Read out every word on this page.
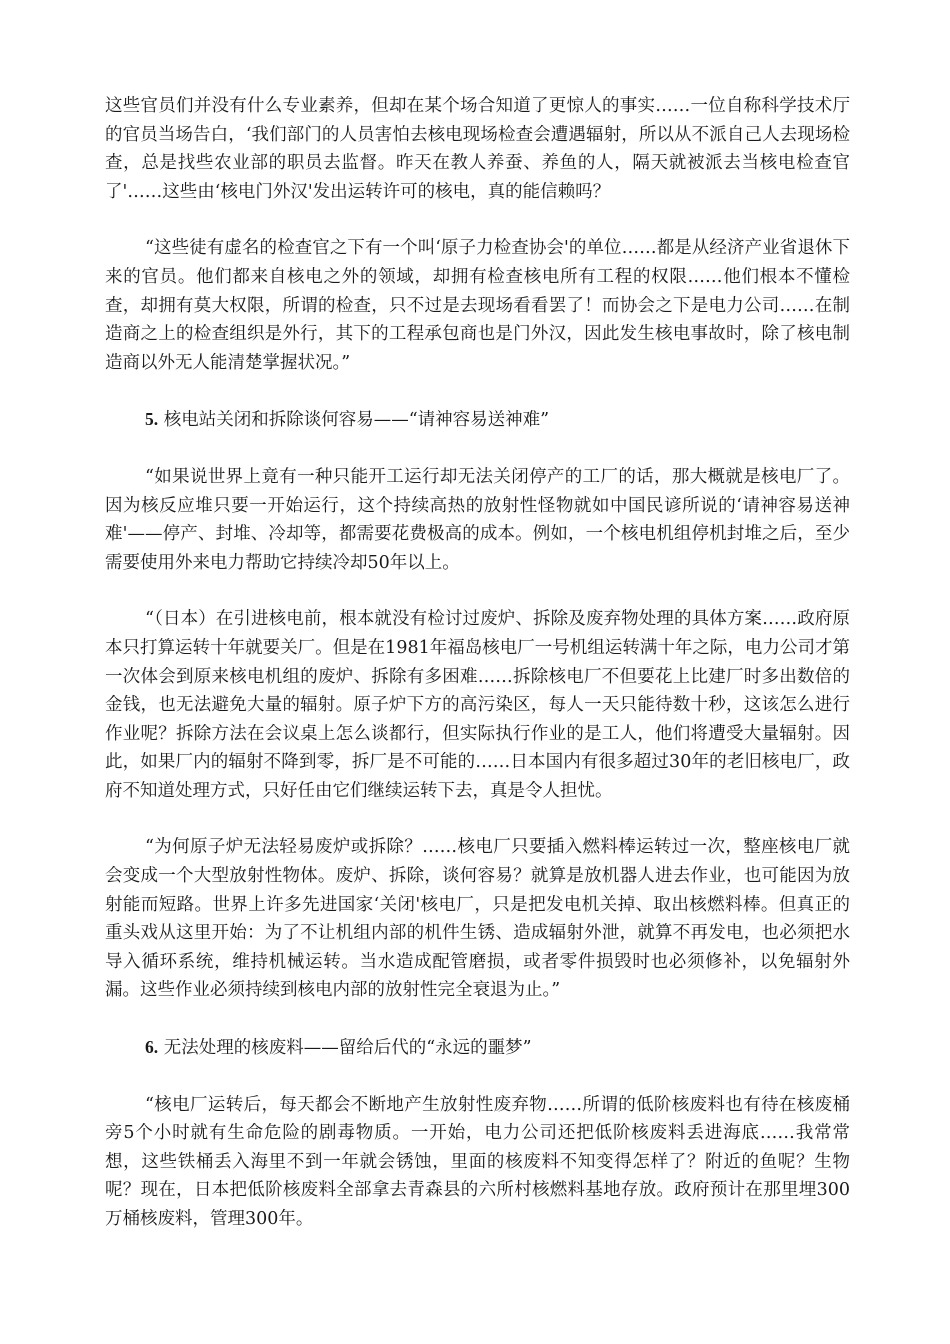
这些官员们并没有什么专业素养，但却在某个场合知道了更惊人的事实……一位自称科学技术厅的官员当场告白，‘我们部门的人员害怕去核电现场检查会遭遇辐射，所以从不派自己人去现场检查，总是找些农业部的职员去监督。昨天在教人养蚕、养鱼的人，隔天就被派去当核电检查官了'……这些由‘核电门外汉'发出运转许可的核电，真的能信赖吗？

“这些徒有虚名的检查官之下有一个叫‘原子力检查协会'的单位……都是从经济产业省退休下来的官员。他们都来自核电之外的领域，却拥有检查核电所有工程的权限……他们根本不懂检查，却拥有莫大权限，所谓的检查，只不过是去现场看看罢了！而协会之下是电力公司……在制造商之上的检查组织是外行，其下的工程承包商也是门外汉，因此发生核电事故时，除了核电制造商以外无人能清楚掌握状况。”

5. 核电站关闭和拆除谈何容易——“请神容易送神难”

“如果说世界上竟有一种只能开工运行却无法关闭停产的工厂的话，那大概就是核电厂了。因为核反应堆只要一开始运行，这个持续高热的放射性怪物就如中国民谚所说的‘请神容易送神难'——停产、封堆、冷却等，都需要花费极高的成本。例如，一个核电机组停机封堆之后，至少需要使用外来电力帮助它持续冷却50年以上。

“（日本）在引进核电前，根本就没有检讨过废炉、拆除及废弃物处理的具体方案……政府原本只打算运转十年就要关厂。但是在1981年福岛核电厂一号机组运转满十年之际，电力公司才第一次体会到原来核电机组的废炉、拆除有多困难……拆除核电厂不但要花上比建厂时多出数倍的金钱，也无法避免大量的辐射。原子炉下方的高污染区，每人一天只能待数十秒，这该怎么进行作业呢？拆除方法在会议桌上怎么谈都行，但实际执行作业的是工人，他们将遭受大量辐射。因此，如果厂内的辐射不降到零，拆厂是不可能的……日本国内有很多超过30年的老旧核电厂，政府不知道处理方式，只好任由它们继续运转下去，真是令人担忧。

“为何原子炉无法轻易废炉或拆除？……核电厂只要插入燃料棒运转过一次，整座核电厂就会变成一个大型放射性物体。废炉、拆除，谈何容易？就算是放机器人进去作业，也可能因为放射能而短路。世界上许多先进国家‘关闭'核电厂，只是把发电机关掉、取出核燃料棒。但真正的重头戏从这里开始：为了不让机组内部的机件生锈、造成辐射外泄，就算不再发电，也必须把水导入循环系统，维持机械运转。当水造成配管磨损，或者零件损毁时也必须修补，以免辐射外漏。这些作业必须持续到核电内部的放射性完全衰退为止。”

6. 无法处理的核废料——留给后代的“永远的噩梦”

“核电厂运转后，每天都会不断地产生放射性废弃物……所谓的低阶核废料也有待在核废桶旁5个小时就有生命危险的剧毒物质。一开始，电力公司还把低阶核废料丢进海底……我常常想，这些铁桶丢入海里不到一年就会锈蚀，里面的核废料不知变得怎样了？附近的鱼呢？生物呢？现在，日本把低阶核废料全部拿去青森县的六所村核燃料基地存放。政府预计在那里埋300万桶核废料，管理300年。
